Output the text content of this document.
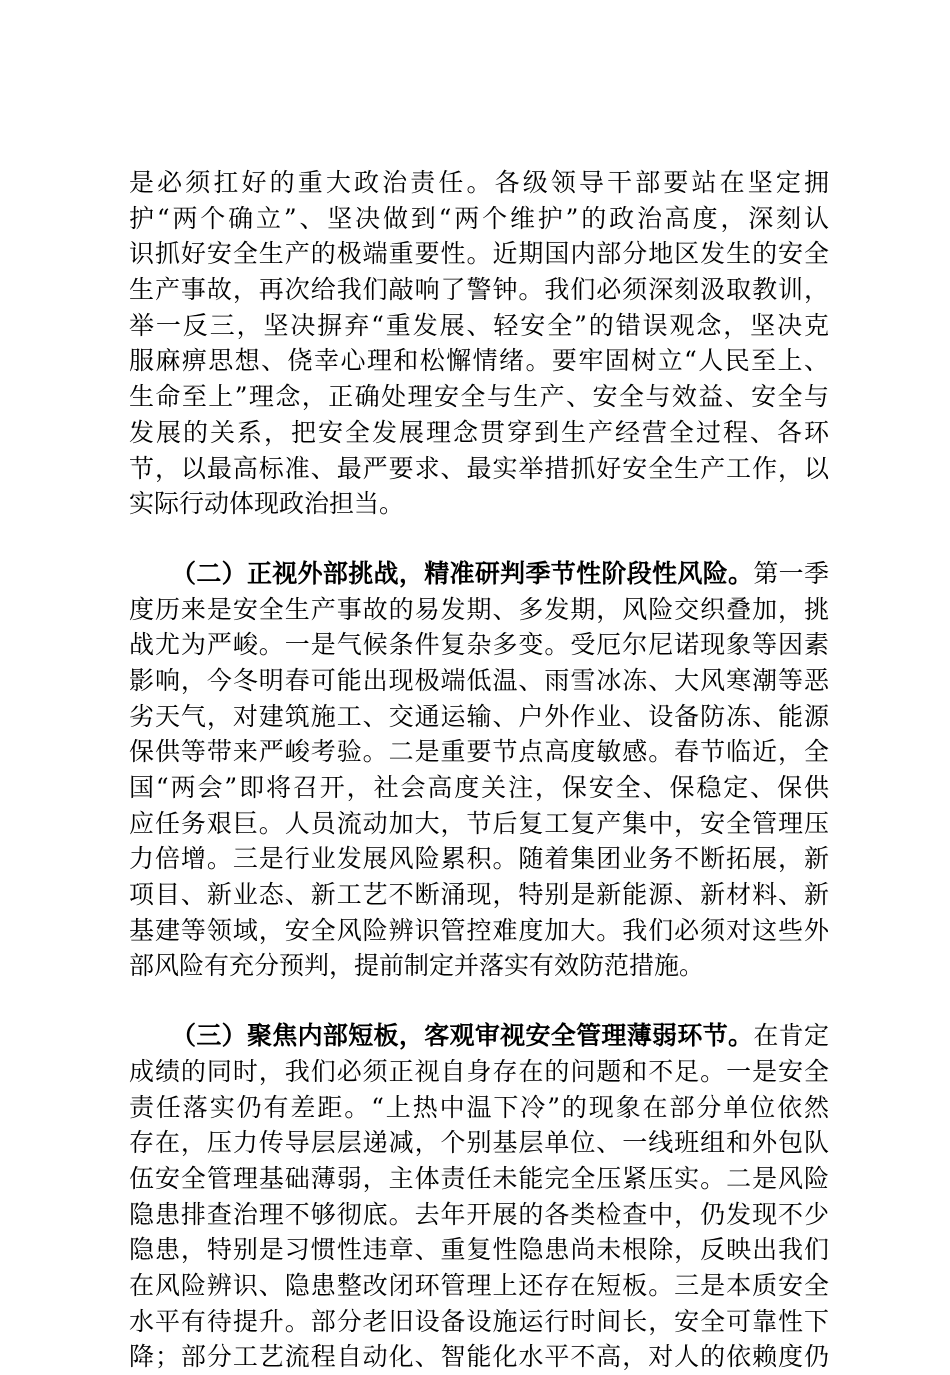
是必须扛好的重大政治责任。各级领导干部要站在坚定拥
护“两个确立”、坚决做到“两个维护”的政治高度，深刻认
识抓好安全生产的极端重要性。近期国内部分地区发生的安全
生产事故，再次给我们敲响了警钟。我们必须深刻汲取教训，
举一反三，坚决摒弃“重发展、轻安全”的错误观念，坚决克
服麻痹思想、侥幸心理和松懈情绪。要牢固树立“人民至上、
生命至上”理念，正确处理安全与生产、安全与效益、安全与
发展的关系，把安全发展理念贯穿到生产经营全过程、各环
节，以最高标准、最严要求、最实举措抓好安全生产工作，以
实际行动体现政治担当。
（二）正视外部挑战，精准研判季节性阶段性风险。第一季
度历来是安全生产事故的易发期、多发期，风险交织叠加，挑
战尤为严峻。一是气候条件复杂多变。受厄尔尼诺现象等因素
影响，今冬明春可能出现极端低温、雨雪冰冻、大风寒潮等恶
劣天气，对建筑施工、交通运输、户外作业、设备防冻、能源
保供等带来严峻考验。二是重要节点高度敏感。春节临近，全
国“两会”即将召开，社会高度关注，保安全、保稳定、保供
应任务艰巨。人员流动加大，节后复工复产集中，安全管理压
力倍增。三是行业发展风险累积。随着集团业务不断拓展，新
项目、新业态、新工艺不断涌现，特别是新能源、新材料、新
基建等领域，安全风险辨识管控难度加大。我们必须对这些外
部风险有充分预判，提前制定并落实有效防范措施。
（三）聚焦内部短板，客观审视安全管理薄弱环节。在肯定
成绩的同时，我们必须正视自身存在的问题和不足。一是安全
责任落实仍有差距。“上热中温下冷”的现象在部分单位依然
存在，压力传导层层递减，个别基层单位、一线班组和外包队
伍安全管理基础薄弱，主体责任未能完全压紧压实。二是风险
隐患排查治理不够彻底。去年开展的各类检查中，仍发现不少
隐患，特别是习惯性违章、重复性隐患尚未根除，反映出我们
在风险辨识、隐患整改闭环管理上还存在短板。三是本质安全
水平有待提升。部分老旧设备设施运行时间长，安全可靠性下
降；部分工艺流程自动化、智能化水平不高，对人的依赖度仍
